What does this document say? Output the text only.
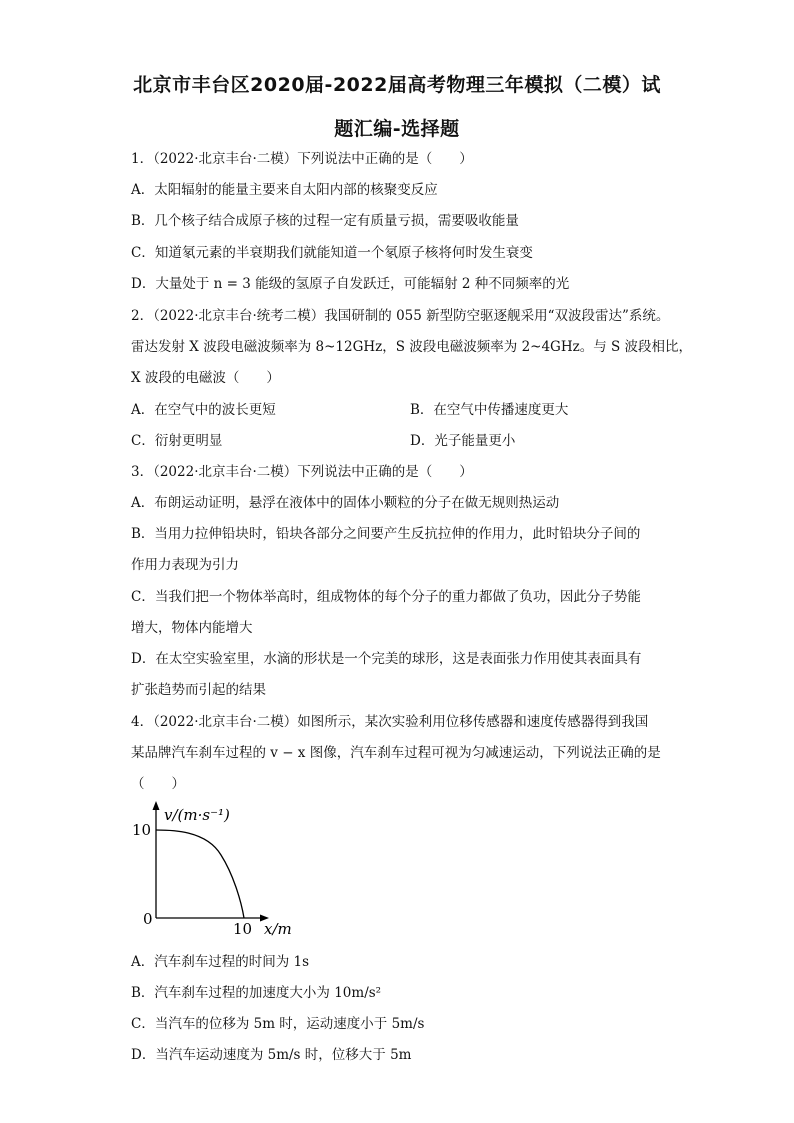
北京市丰台区2020届-2022届高考物理三年模拟（二模）试
题汇编-选择题
1．（2022·北京丰台·二模）下列说法中正确的是（　　）
A．太阳辐射的能量主要来自太阳内部的核聚变反应
B．几个核子结合成原子核的过程一定有质量亏损，需要吸收能量
C．知道氡元素的半衰期我们就能知道一个氡原子核将何时发生衰变
D．大量处于 n = 3 能级的氢原子自发跃迁，可能辐射 2 种不同频率的光
2．（2022·北京丰台·统考二模）我国研制的 055 新型防空驱逐舰采用“双波段雷达”系统。
雷达发射 X 波段电磁波频率为 8~12GHz，S 波段电磁波频率为 2~4GHz。与 S 波段相比，
X 波段的电磁波（　　）
A．在空气中的波长更短	B．在空气中传播速度更大
C．衍射更明显	D．光子能量更小
3．（2022·北京丰台·二模）下列说法中正确的是（　　）
A．布朗运动证明，悬浮在液体中的固体小颗粒的分子在做无规则热运动
B．当用力拉伸铅块时，铅块各部分之间要产生反抗拉伸的作用力，此时铅块分子间的
作用力表现为引力
C．当我们把一个物体举高时，组成物体的每个分子的重力都做了负功，因此分子势能
增大，物体内能增大
D．在太空实验室里，水滴的形状是一个完美的球形，这是表面张力作用使其表面具有
扩张趋势而引起的结果
4．（2022·北京丰台·二模）如图所示，某次实验利用位移传感器和速度传感器得到我国
某品牌汽车刹车过程的 v − x 图像，汽车刹车过程可视为匀减速运动，下列说法正确的是
（　　）
v/(m·s⁻¹)
10
0
10 x/m
A．汽车刹车过程的时间为 1s
B．汽车刹车过程的加速度大小为 10m/s²
C．当汽车的位移为 5m 时，运动速度小于 5m/s
D．当汽车运动速度为 5m/s 时，位移大于 5m
